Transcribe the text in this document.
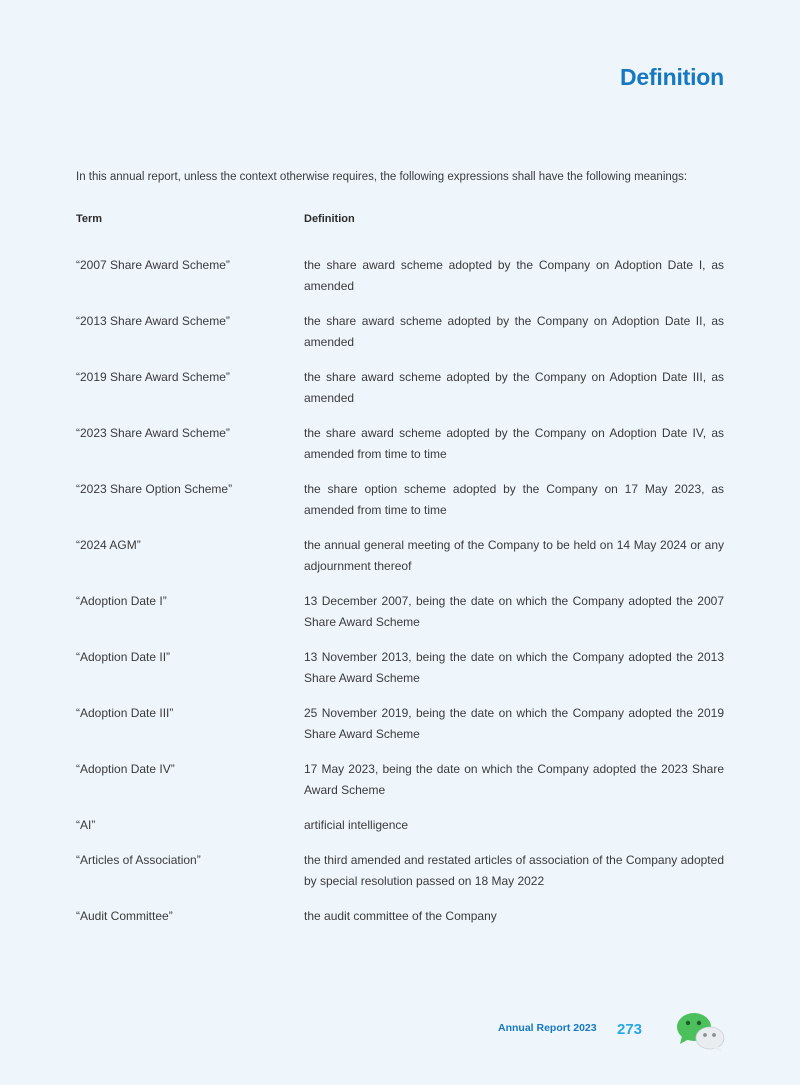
Definition
In this annual report, unless the context otherwise requires, the following expressions shall have the following meanings:
Term	Definition
“2007 Share Award Scheme”	the share award scheme adopted by the Company on Adoption Date I, as amended
“2013 Share Award Scheme”	the share award scheme adopted by the Company on Adoption Date II, as amended
“2019 Share Award Scheme”	the share award scheme adopted by the Company on Adoption Date III, as amended
“2023 Share Award Scheme”	the share award scheme adopted by the Company on Adoption Date IV, as amended from time to time
“2023 Share Option Scheme”	the share option scheme adopted by the Company on 17 May 2023, as amended from time to time
“2024 AGM”	the annual general meeting of the Company to be held on 14 May 2024 or any adjournment thereof
“Adoption Date I”	13 December 2007, being the date on which the Company adopted the 2007 Share Award Scheme
“Adoption Date II”	13 November 2013, being the date on which the Company adopted the 2013 Share Award Scheme
“Adoption Date III”	25 November 2019, being the date on which the Company adopted the 2019 Share Award Scheme
“Adoption Date IV”	17 May 2023, being the date on which the Company adopted the 2023 Share Award Scheme
“AI”	artificial intelligence
“Articles of Association”	the third amended and restated articles of association of the Company adopted by special resolution passed on 18 May 2022
“Audit Committee”	the audit committee of the Company
Annual Report 2023 273
